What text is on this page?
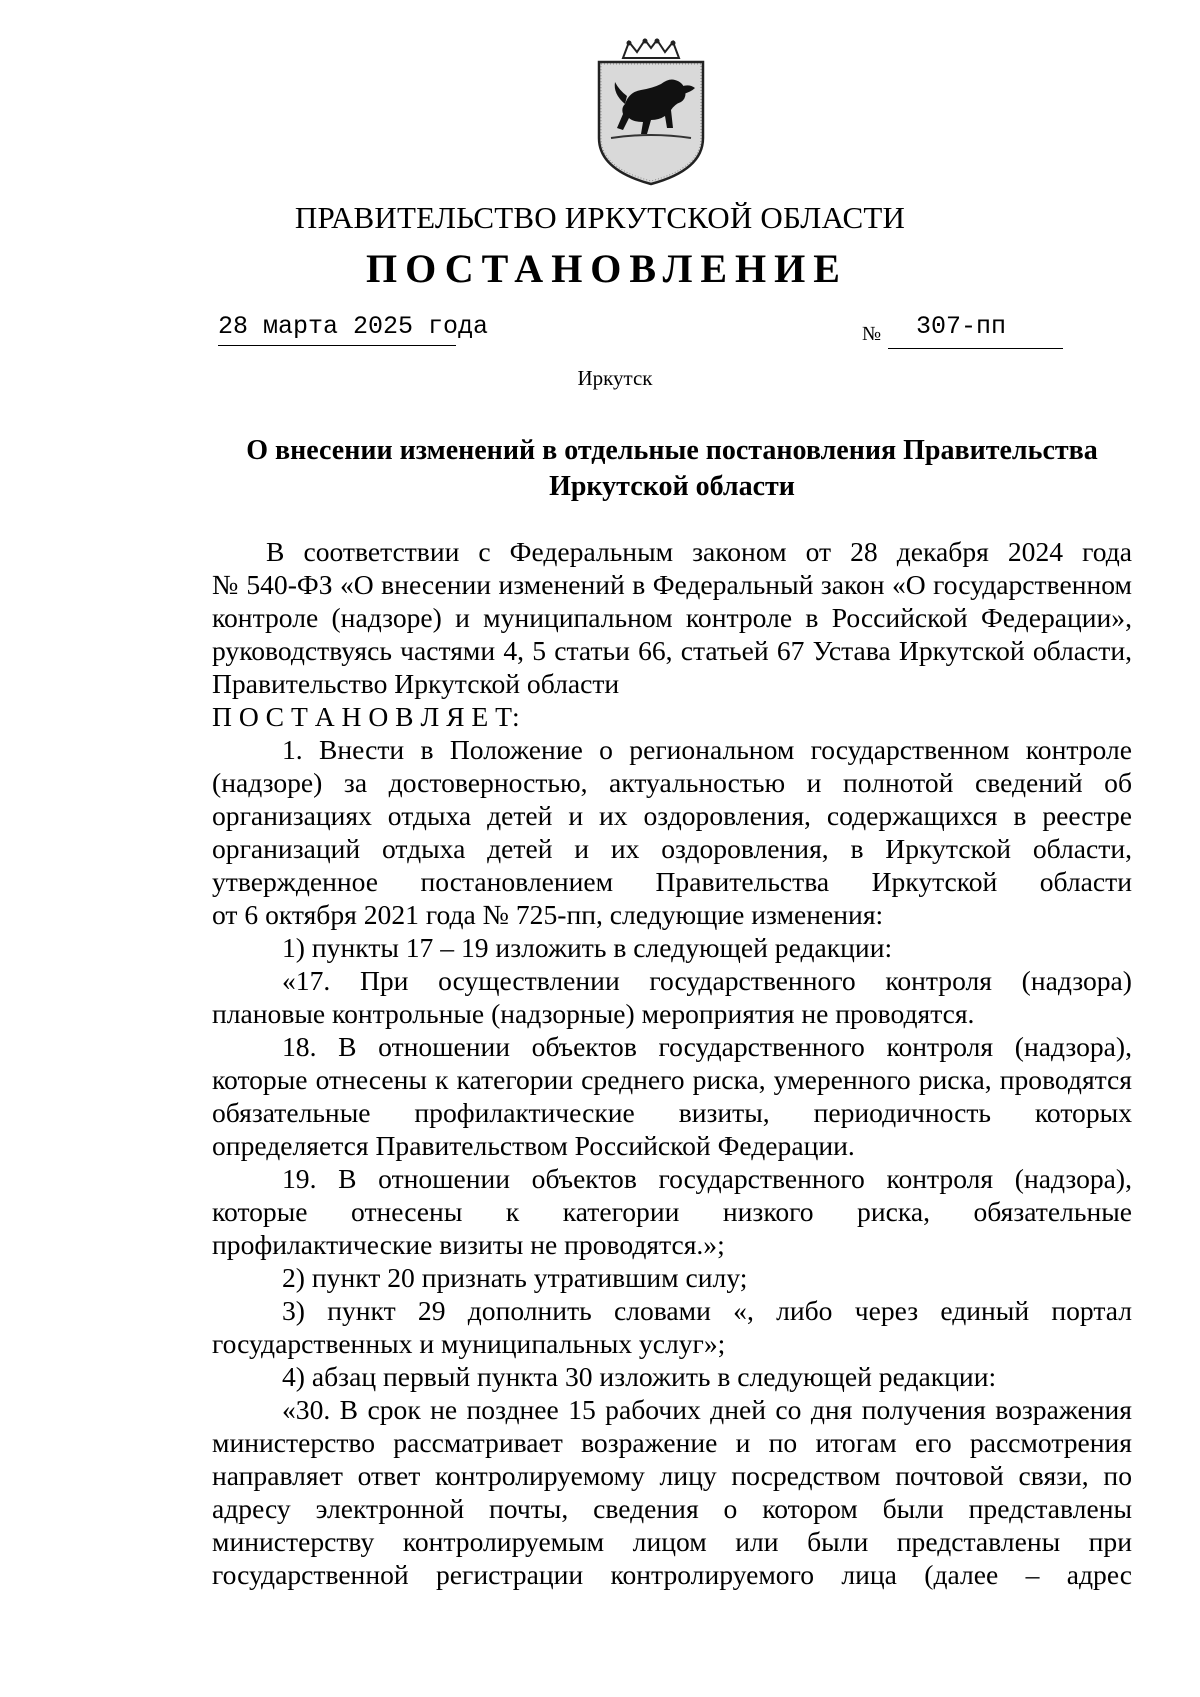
ПРАВИТЕЛЬСТВО ИРКУТСКОЙ ОБЛАСТИ
ПОСТАНОВЛЕНИЕ
28 марта 2025 года	№ 307-пп
Иркутск
О внесении изменений в отдельные постановления Правительства
Иркутской области
В соответствии с Федеральным законом от 28 декабря 2024 года
№ 540-ФЗ «О внесении изменений в Федеральный закон «О государственном
контроле (надзоре) и муниципальном контроле в Российской Федерации»,
руководствуясь частями 4, 5 статьи 66, статьей 67 Устава Иркутской области,
Правительство Иркутской области
П О С Т А Н О В Л Я Е Т:
1. Внести в Положение о региональном государственном контроле
(надзоре) за достоверностью, актуальностью и полнотой сведений об
организациях отдыха детей и их оздоровления, содержащихся в реестре
организаций отдыха детей и их оздоровления, в Иркутской области,
утвержденное постановлением Правительства Иркутской области
от 6 октября 2021 года № 725-пп, следующие изменения:
1) пункты 17 – 19 изложить в следующей редакции:
«17. При осуществлении государственного контроля (надзора)
плановые контрольные (надзорные) мероприятия не проводятся.
18. В отношении объектов государственного контроля (надзора),
которые отнесены к категории среднего риска, умеренного риска, проводятся
обязательные профилактические визиты, периодичность которых
определяется Правительством Российской Федерации.
19. В отношении объектов государственного контроля (надзора),
которые отнесены к категории низкого риска, обязательные
профилактические визиты не проводятся.»;
2) пункт 20 признать утратившим силу;
3) пункт 29 дополнить словами «, либо через единый портал
государственных и муниципальных услуг»;
4) абзац первый пункта 30 изложить в следующей редакции:
«30. В срок не позднее 15 рабочих дней со дня получения возражения
министерство рассматривает возражение и по итогам его рассмотрения
направляет ответ контролируемому лицу посредством почтовой связи, по
адресу электронной почты, сведения о котором были представлены
министерству контролируемым лицом или были представлены при
государственной регистрации контролируемого лица (далее – адрес
